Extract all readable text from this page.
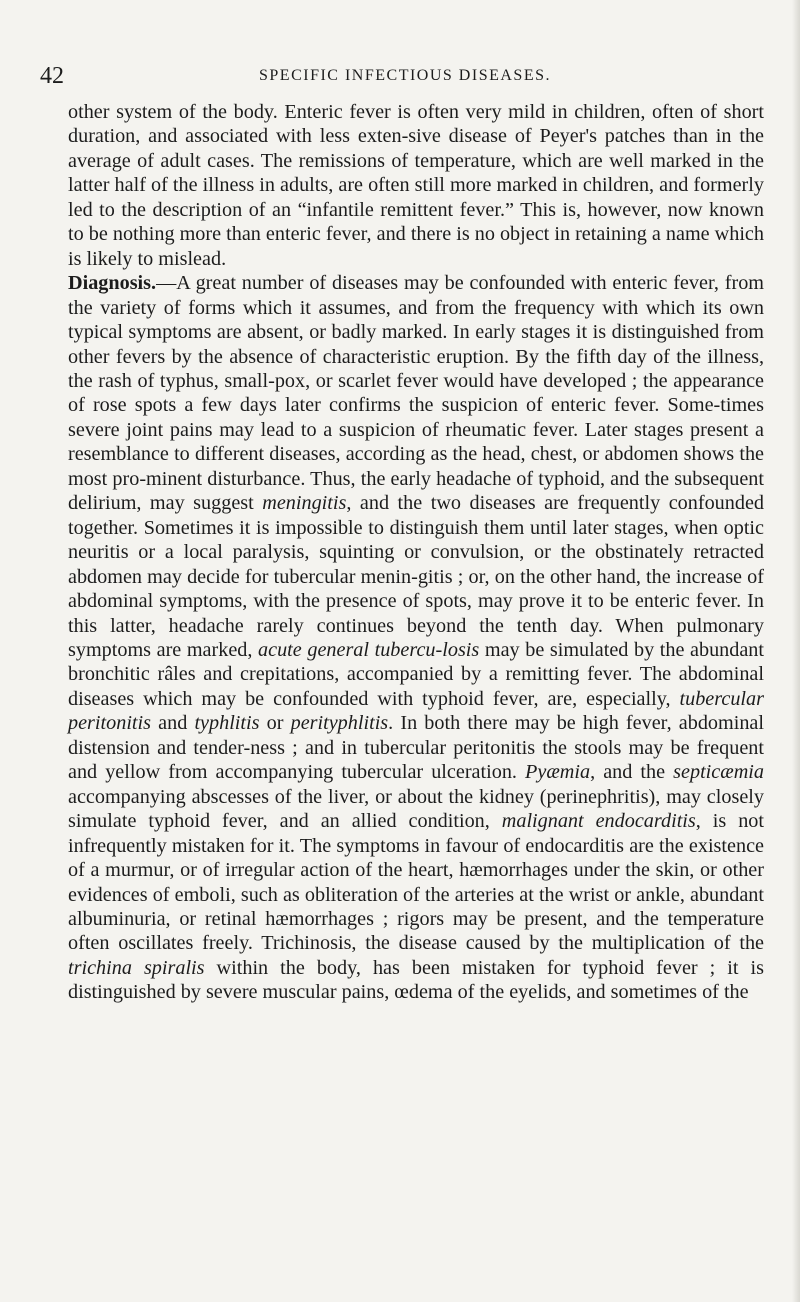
42	SPECIFIC INFECTIOUS DISEASES.

other system of the body. Enteric fever is often very mild in children, often of short duration, and associated with less exten-sive disease of Peyer's patches than in the average of adult cases. The remissions of temperature, which are well marked in the latter half of the illness in adults, are often still more marked in children, and formerly led to the description of an “infantile remittent fever.” This is, however, now known to be nothing more than enteric fever, and there is no object in retaining a name which is likely to mislead.

Diagnosis.—A great number of diseases may be confounded with enteric fever, from the variety of forms which it assumes, and from the frequency with which its own typical symptoms are absent, or badly marked. In early stages it is distinguished from other fevers by the absence of characteristic eruption. By the fifth day of the illness, the rash of typhus, small-pox, or scarlet fever would have developed ; the appearance of rose spots a few days later confirms the suspicion of enteric fever. Some-times severe joint pains may lead to a suspicion of rheumatic fever. Later stages present a resemblance to different diseases, according as the head, chest, or abdomen shows the most pro-minent disturbance. Thus, the early headache of typhoid, and the subsequent delirium, may suggest meningitis, and the two diseases are frequently confounded together. Sometimes it is impossible to distinguish them until later stages, when optic neuritis or a local paralysis, squinting or convulsion, or the obstinately retracted abdomen may decide for tubercular menin-gitis ; or, on the other hand, the increase of abdominal symptoms, with the presence of spots, may prove it to be enteric fever. In this latter, headache rarely continues beyond the tenth day. When pulmonary symptoms are marked, acute general tubercu-losis may be simulated by the abundant bronchitic râles and crepitations, accompanied by a remitting fever. The abdominal diseases which may be confounded with typhoid fever, are, especially, tubercular peritonitis and typhlitis or perityphlitis. In both there may be high fever, abdominal distension and tender-ness ; and in tubercular peritonitis the stools may be frequent and yellow from accompanying tubercular ulceration. Pyæmia, and the septicæmia accompanying abscesses of the liver, or about the kidney (perinephritis), may closely simulate typhoid fever, and an allied condition, malignant endocarditis, is not infrequently mistaken for it. The symptoms in favour of endocarditis are the existence of a murmur, or of irregular action of the heart, hæmorrhages under the skin, or other evidences of emboli, such as obliteration of the arteries at the wrist or ankle, abundant albuminuria, or retinal hæmorrhages ; rigors may be present, and the temperature often oscillates freely. Trichinosis, the disease caused by the multiplication of the trichina spiralis within the body, has been mistaken for typhoid fever ; it is distinguished by severe muscular pains, œdema of the eyelids, and sometimes of the
